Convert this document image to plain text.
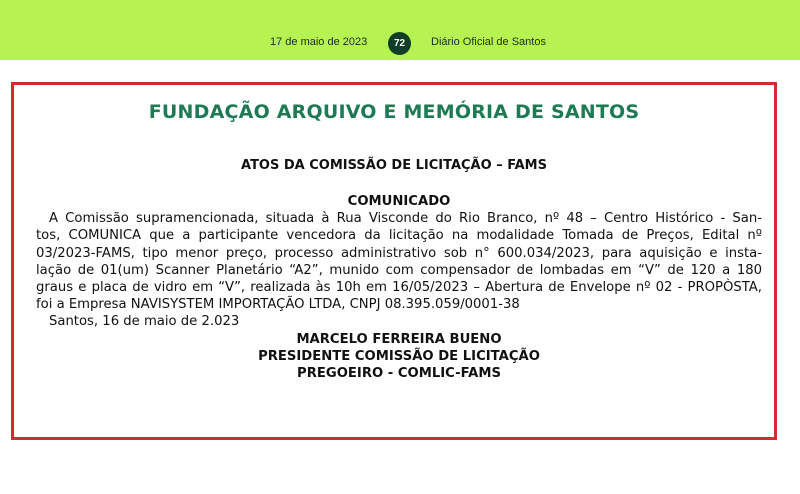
17 de maio de 2023	72	Diário Oficial de Santos
FUNDAÇÃO ARQUIVO E MEMÓRIA DE SANTOS
ATOS DA COMISSÃO DE LICITAÇÃO – FAMS
COMUNICADO
A Comissão supramencionada, situada à Rua Visconde do Rio Branco, nº 48 – Centro Histórico - San-
tos, COMUNICA que a participante vencedora da licitação na modalidade Tomada de Preços, Edital nº
03/2023-FAMS, tipo menor preço, processo administrativo sob n° 600.034/2023, para aquisição e insta-
lação de 01(um) Scanner Planetário “A2”, munido com compensador de lombadas em “V” de 120 a 180
graus e placa de vidro em “V”, realizada às 10h em 16/05/2023 – Abertura de Envelope nº 02 - PROPÒSTA,
foi a Empresa NAVISYSTEM IMPORTAÇÃO LTDA, CNPJ 08.395.059/0001-38
Santos, 16 de maio de 2.023
MARCELO FERREIRA BUENO
PRESIDENTE COMISSÃO DE LICITAÇÃO
PREGOEIRO - COMLIC-FAMS
